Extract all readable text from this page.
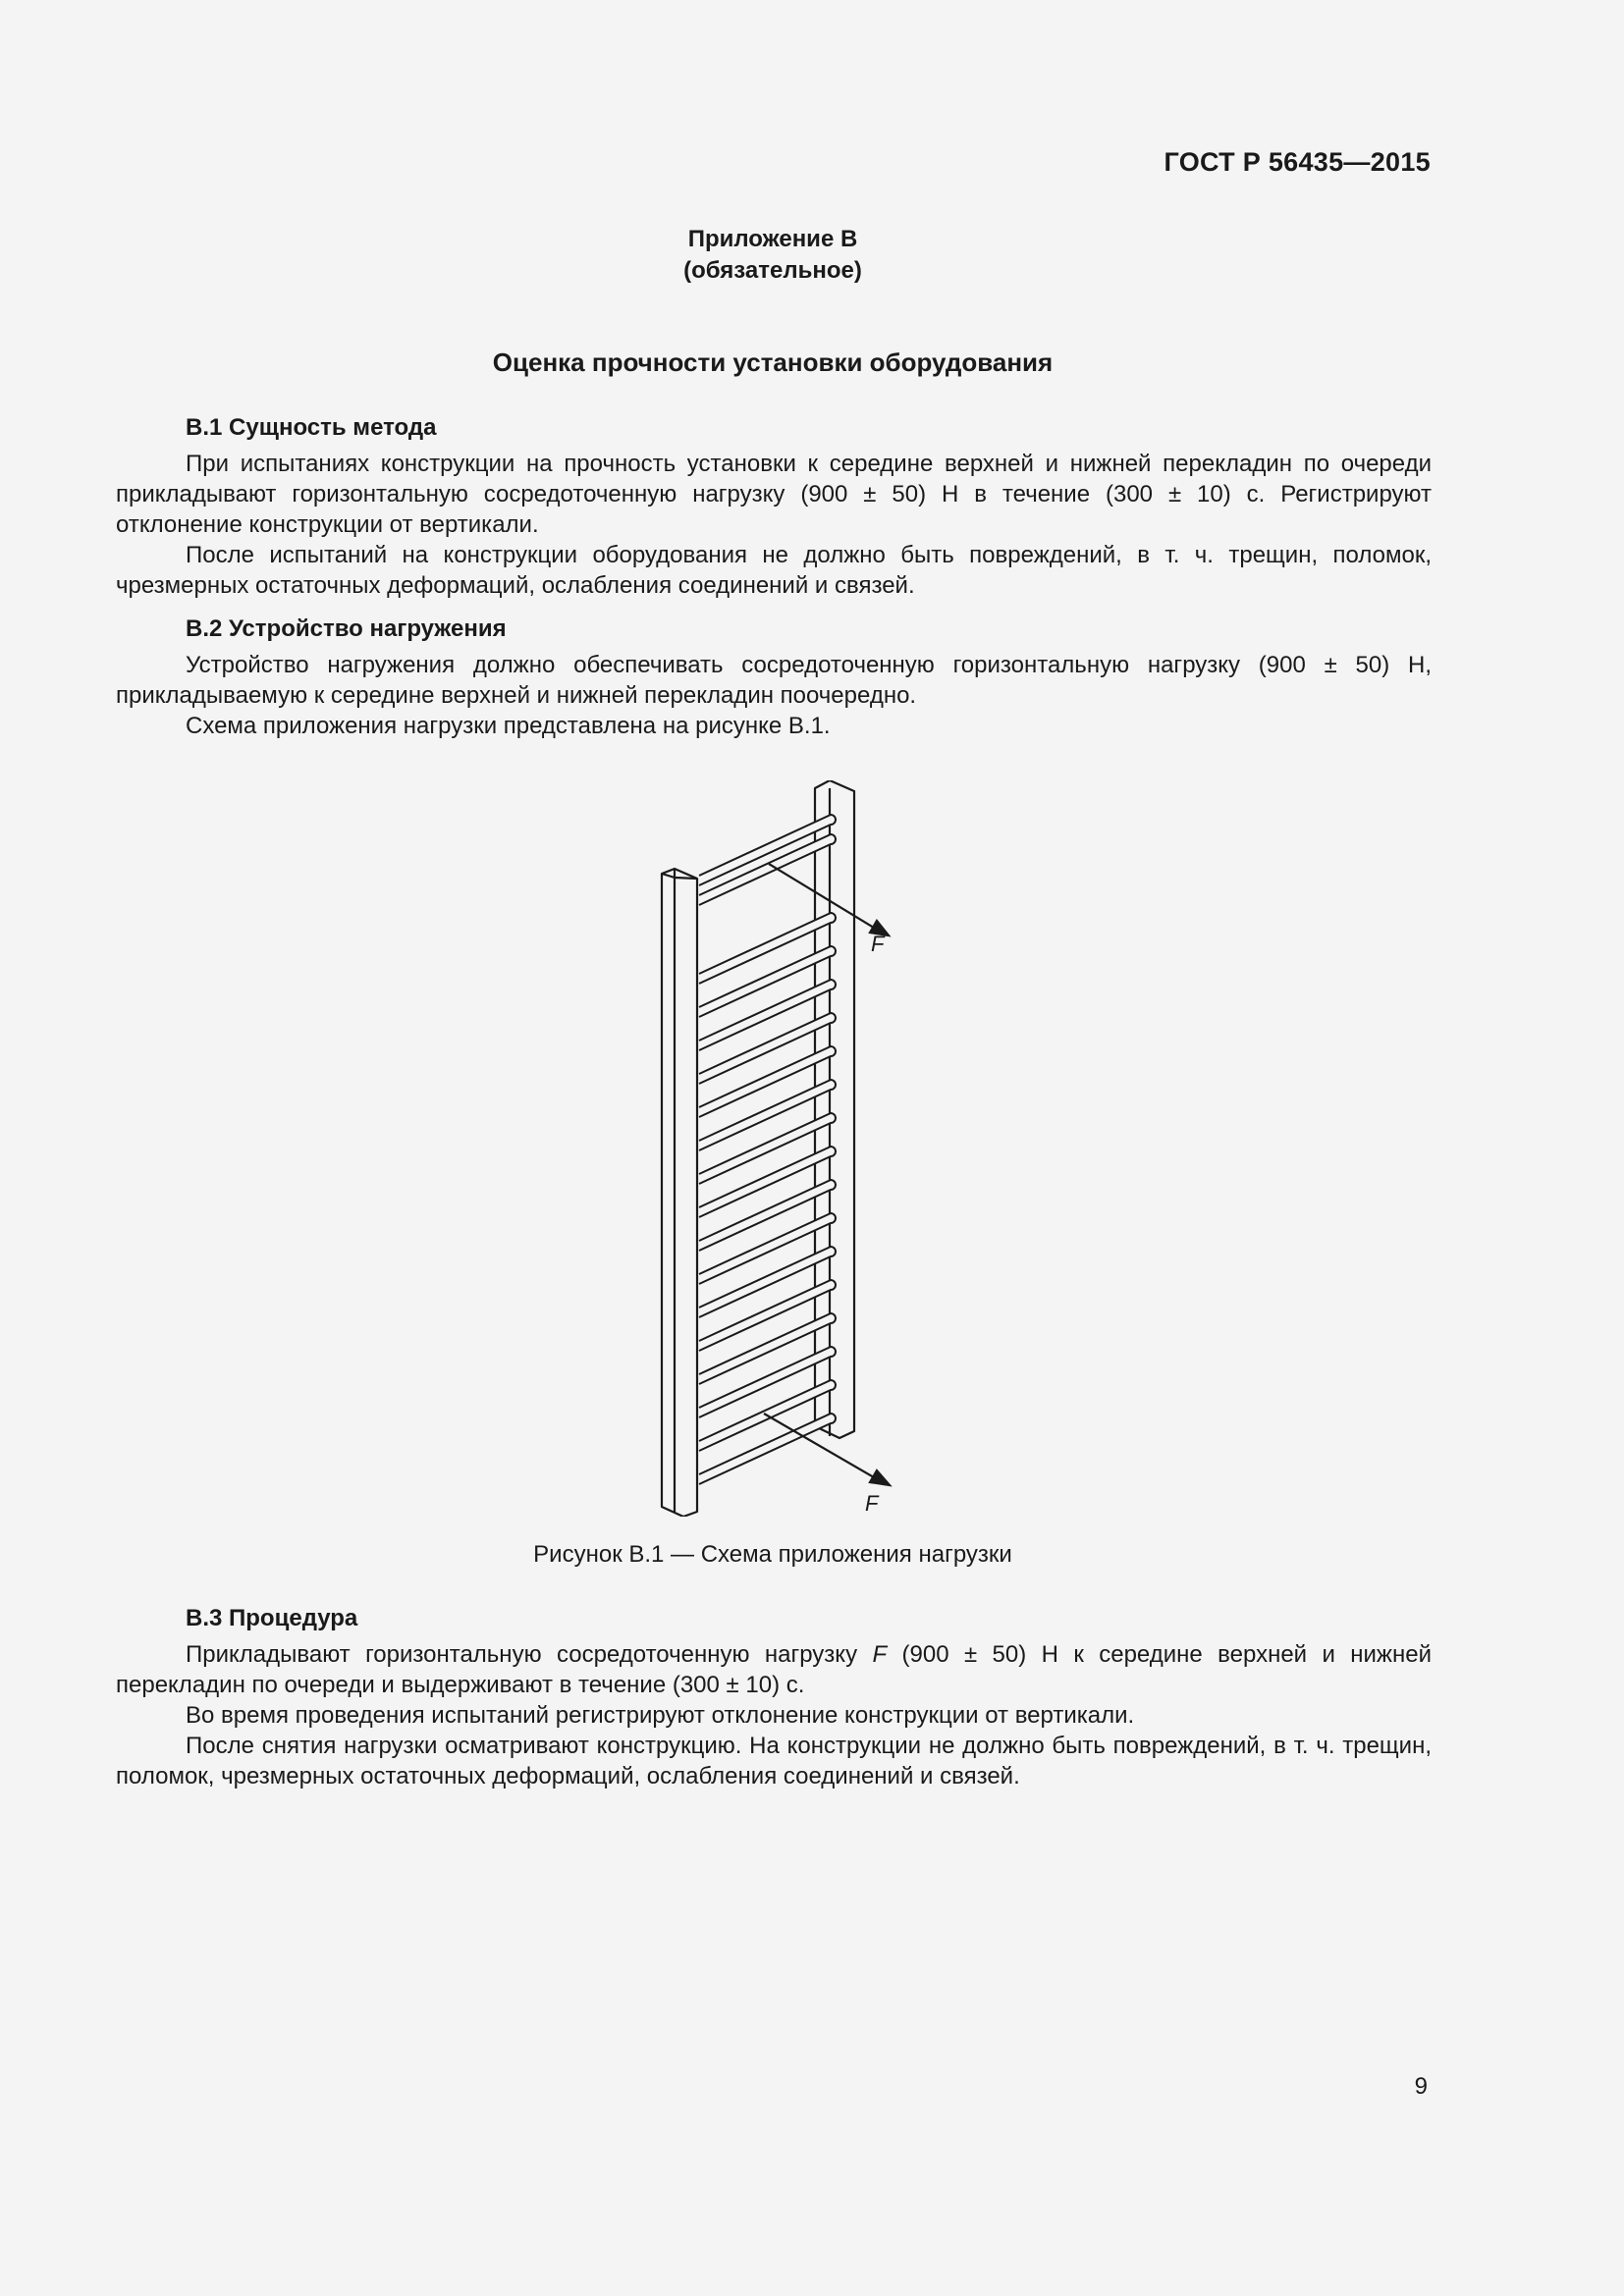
ГОСТ Р 56435—2015
Приложение В
(обязательное)
Оценка прочности установки оборудования
В.1 Сущность метода

При испытаниях конструкции на прочность установки к середине верхней и нижней перекладин по очереди прикладывают горизонтальную сосредоточенную нагрузку (900 ± 50) Н в течение (300 ± 10) с. Регистрируют отклонение конструкции от вертикали.

После испытаний на конструкции оборудования не должно быть повреждений, в т. ч. трещин, поломок, чрезмерных остаточных деформаций, ослабления соединений и связей.

В.2 Устройство нагружения

Устройство нагружения должно обеспечивать сосредоточенную горизонтальную нагрузку (900 ± 50) Н, прикладываемую к середине верхней и нижней перекладин поочередно.

Схема приложения нагрузки представлена на рисунке В.1.

F
F
Рисунок В.1 — Схема приложения нагрузки
В.3 Процедура

Прикладывают горизонтальную сосредоточенную нагрузку F (900 ± 50) Н к середине верхней и нижней перекладин по очереди и выдерживают в течение (300 ± 10) с.

Во время проведения испытаний регистрируют отклонение конструкции от вертикали.

После снятия нагрузки осматривают конструкцию. На конструкции не должно быть повреждений, в т. ч. трещин, поломок, чрезмерных остаточных деформаций, ослабления соединений и связей.

9
